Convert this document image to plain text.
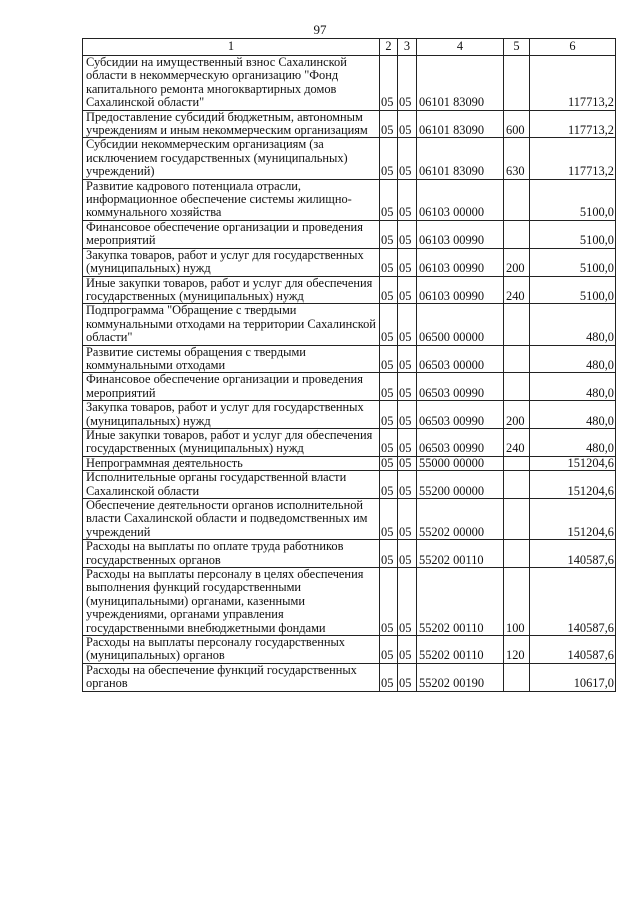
97
1	2	3	4	5	6
Субсидии на имущественный взнос Сахалинской области в некоммерческую организацию "Фонд капитального ремонта многоквартирных домов Сахалинской области"	05	05	06101 83090		117713,2
Предоставление субсидий бюджетным, автономным учреждениям и иным некоммерческим организациям	05	05	06101 83090	600	117713,2
Субсидии некоммерческим организациям (за исключением государственных (муниципальных) учреждений)	05	05	06101 83090	630	117713,2
Развитие кадрового потенциала отрасли, информационное обеспечение системы жилищно-коммунального хозяйства	05	05	06103 00000		5100,0
Финансовое обеспечение организации и проведения мероприятий	05	05	06103 00990		5100,0
Закупка товаров, работ и услуг для государственных (муниципальных) нужд	05	05	06103 00990	200	5100,0
Иные закупки товаров, работ и услуг для обеспечения государственных (муниципальных) нужд	05	05	06103 00990	240	5100,0
Подпрограмма "Обращение с твердыми коммунальными отходами на территории Сахалинской области"	05	05	06500 00000		480,0
Развитие системы обращения с твердыми коммунальными отходами	05	05	06503 00000		480,0
Финансовое обеспечение организации и проведения мероприятий	05	05	06503 00990		480,0
Закупка товаров, работ и услуг для государственных (муниципальных) нужд	05	05	06503 00990	200	480,0
Иные закупки товаров, работ и услуг для обеспечения государственных (муниципальных) нужд	05	05	06503 00990	240	480,0
Непрограммная деятельность	05	05	55000 00000		151204,6
Исполнительные органы государственной власти Сахалинской области	05	05	55200 00000		151204,6
Обеспечение деятельности органов исполнительной власти Сахалинской области и подведомственных им учреждений	05	05	55202 00000		151204,6
Расходы на выплаты по оплате труда работников государственных органов	05	05	55202 00110		140587,6
Расходы на выплаты персоналу в целях обеспечения выполнения функций государственными (муниципальными) органами, казенными учреждениями, органами управления государственными внебюджетными фондами	05	05	55202 00110	100	140587,6
Расходы на выплаты персоналу государственных (муниципальных) органов	05	05	55202 00110	120	140587,6
Расходы на обеспечение функций государственных органов	05	05	55202 00190		10617,0
